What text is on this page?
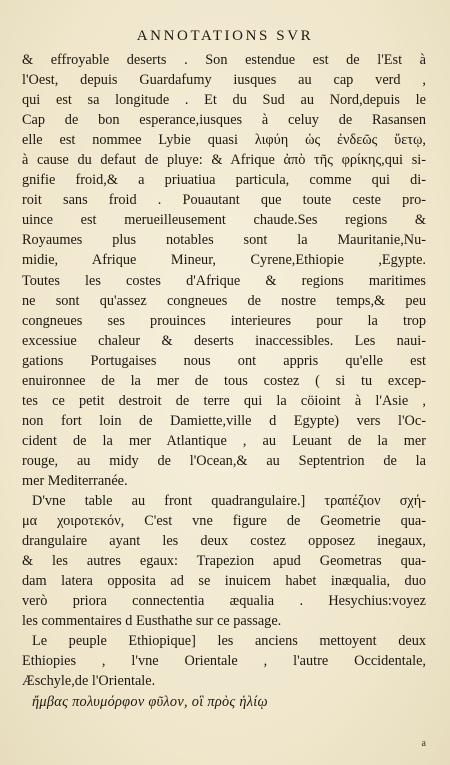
ANNOTATIONS SVR
& effroyable deserts . Son estendue est de l'Est à
l'Oest, depuis Guardafumy iusques au cap verd ,
qui est sa longitude . Et du Sud au Nord,depuis le
Cap de bon esperance,iusques à celuy de Rasansen
elle est nommee Lybie quasi λιφύη ὡς ἐνδεῶς ὕετῳ,
à cause du defaut de pluye: & Afrique ἀπὸ τῆς φρίκης,qui si-
gnifie froid,& a priuatiua particula, comme qui di-
roit sans froid . Pouautant que toute ceste pro-
uince est merueilleusement chaude.Ses regions &
Royaumes plus notables sont la Mauritanie,Nu-
midie, Afrique Mineur, Cyrene,Ethiopie ,Egypte.
Toutes les costes d'Afrique & regions maritimes
ne sont qu'assez congneues de nostre temps,& peu
congneues ses prouinces interieures pour la trop
excessiue chaleur & deserts inaccessibles. Les naui-
gations Portugaises nous ont appris qu'elle est
enuironnee de la mer de tous costez ( si tu excep-
tes ce petit destroit de terre qui la cöioint à l'Asie ,
non fort loin de Damiette,ville d Egypte) vers l'Oc-
cident de la mer Atlantique , au Leuant de la mer
rouge, au midy de l'Ocean,& au Septentrion de la
mer Mediterranée.
D'vne table au front quadrangulaire.] τραπέζιον σχή-
μα χοιροτεκόν, C'est vne figure de Geometrie qua-
drangulaire ayant les deux costez opposez inegaux,
& les autres egaux: Trapezion apud Geometras qua-
dam latera opposita ad se inuicem habet inæqualia, duo
verò priora connectentia æqualia . Hesychius:voyez
les commentaires d Eusthathe sur ce passage.
Le peuple Ethiopique] les anciens mettoyent deux
Ethiopies , l'vne Orientale , l'autre Occidentale,
Æschyle,de l'Orientale.
ἤμβας πολυμόρφον φῦλον, οἳ πρὸς ἡλίῳ
a
